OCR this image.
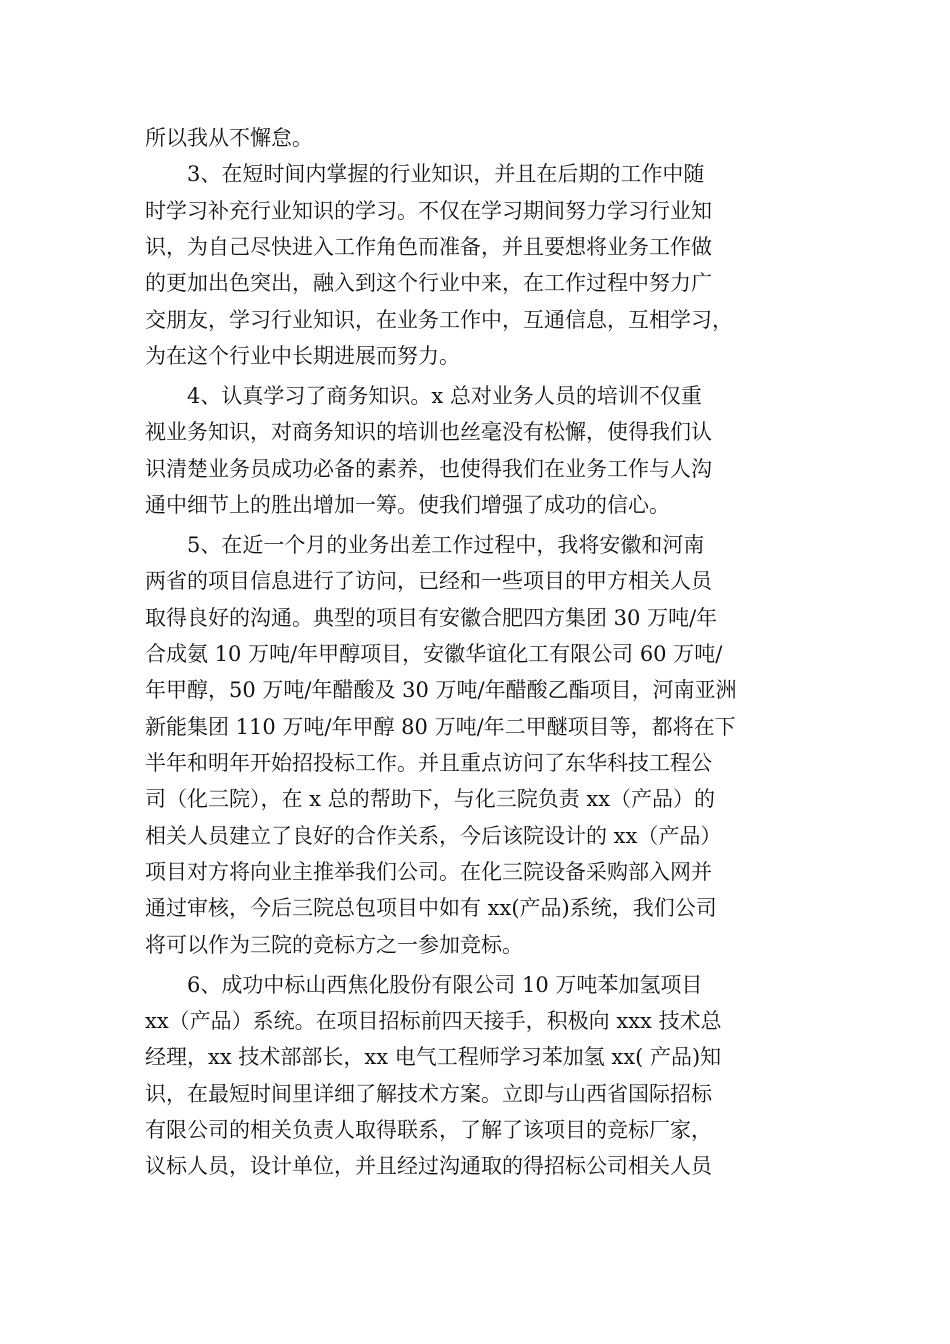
所以我从不懈怠。
　　3、在短时间内掌握的行业知识，并且在后期的工作中随
时学习补充行业知识的学习。不仅在学习期间努力学习行业知
识，为自己尽快进入工作角色而准备，并且要想将业务工作做
的更加出色突出，融入到这个行业中来，在工作过程中努力广
交朋友，学习行业知识，在业务工作中，互通信息，互相学习，
为在这个行业中长期进展而努力。
　　4、认真学习了商务知识。x 总对业务人员的培训不仅重
视业务知识，对商务知识的培训也丝毫没有松懈，使得我们认
识清楚业务员成功必备的素养，也使得我们在业务工作与人沟
通中细节上的胜出增加一筹。使我们增强了成功的信心。
　　5、在近一个月的业务出差工作过程中，我将安徽和河南
两省的项目信息进行了访问，已经和一些项目的甲方相关人员
取得良好的沟通。典型的项目有安徽合肥四方集团 30 万吨/年
合成氨 10 万吨/年甲醇项目，安徽华谊化工有限公司 60 万吨/
年甲醇，50 万吨/年醋酸及 30 万吨/年醋酸乙酯项目，河南亚洲
新能集团 110 万吨/年甲醇 80 万吨/年二甲醚项目等，都将在下
半年和明年开始招投标工作。并且重点访问了东华科技工程公
司（化三院），在 x 总的帮助下，与化三院负责 xx（产品）的
相关人员建立了良好的合作关系，今后该院设计的 xx（产品）
项目对方将向业主推举我们公司。在化三院设备采购部入网并
通过审核，今后三院总包项目中如有 xx(产品)系统，我们公司
将可以作为三院的竞标方之一参加竞标。
　　6、成功中标山西焦化股份有限公司 10 万吨苯加氢项目
xx（产品）系统。在项目招标前四天接手，积极向 xxx 技术总
经理，xx 技术部部长，xx 电气工程师学习苯加氢 xx( 产品)知
识，在最短时间里详细了解技术方案。立即与山西省国际招标
有限公司的相关负责人取得联系，了解了该项目的竞标厂家，
议标人员，设计单位，并且经过沟通取的得招标公司相关人员
